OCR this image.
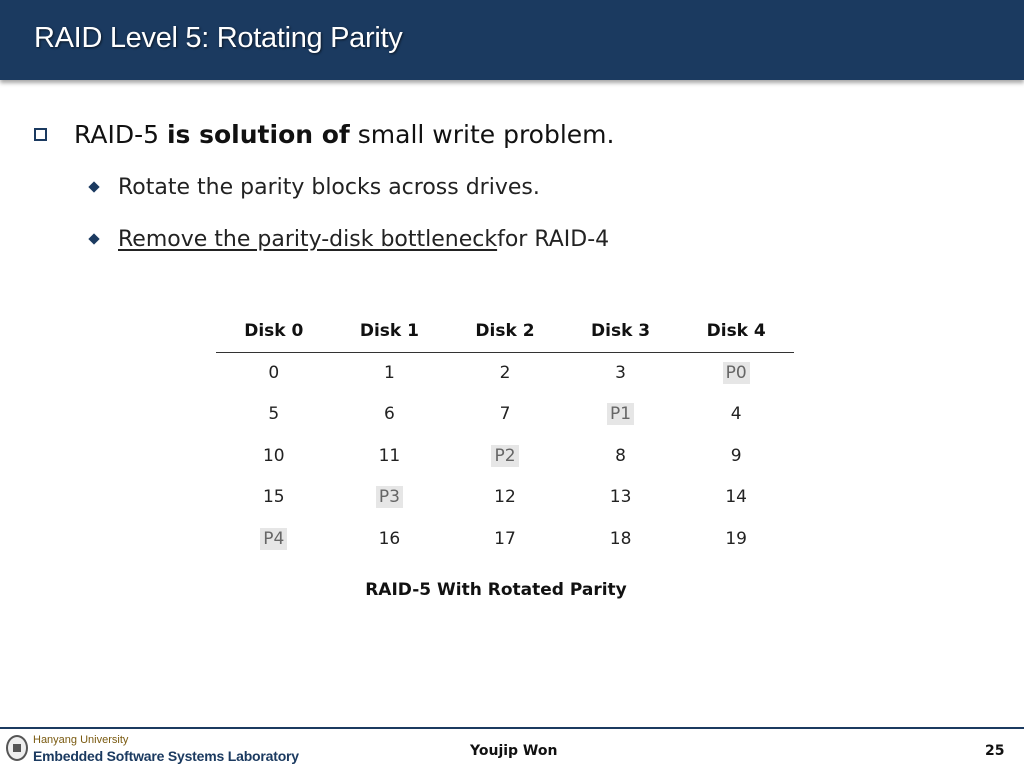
RAID Level 5: Rotating Parity
RAID-5 is solution of small write problem.
Rotate the parity blocks across drives.
Remove the parity-disk bottleneck for RAID-4
Disk 0	Disk 1	Disk 2	Disk 3	Disk 4
0	1	2	3	P0
5	6	7	P1	4
10	11	P2	8	9
15	P3	12	13	14
P4	16	17	18	19
RAID-5 With Rotated Parity
Hanyang University
Embedded Software Systems Laboratory	Youjip Won	25
